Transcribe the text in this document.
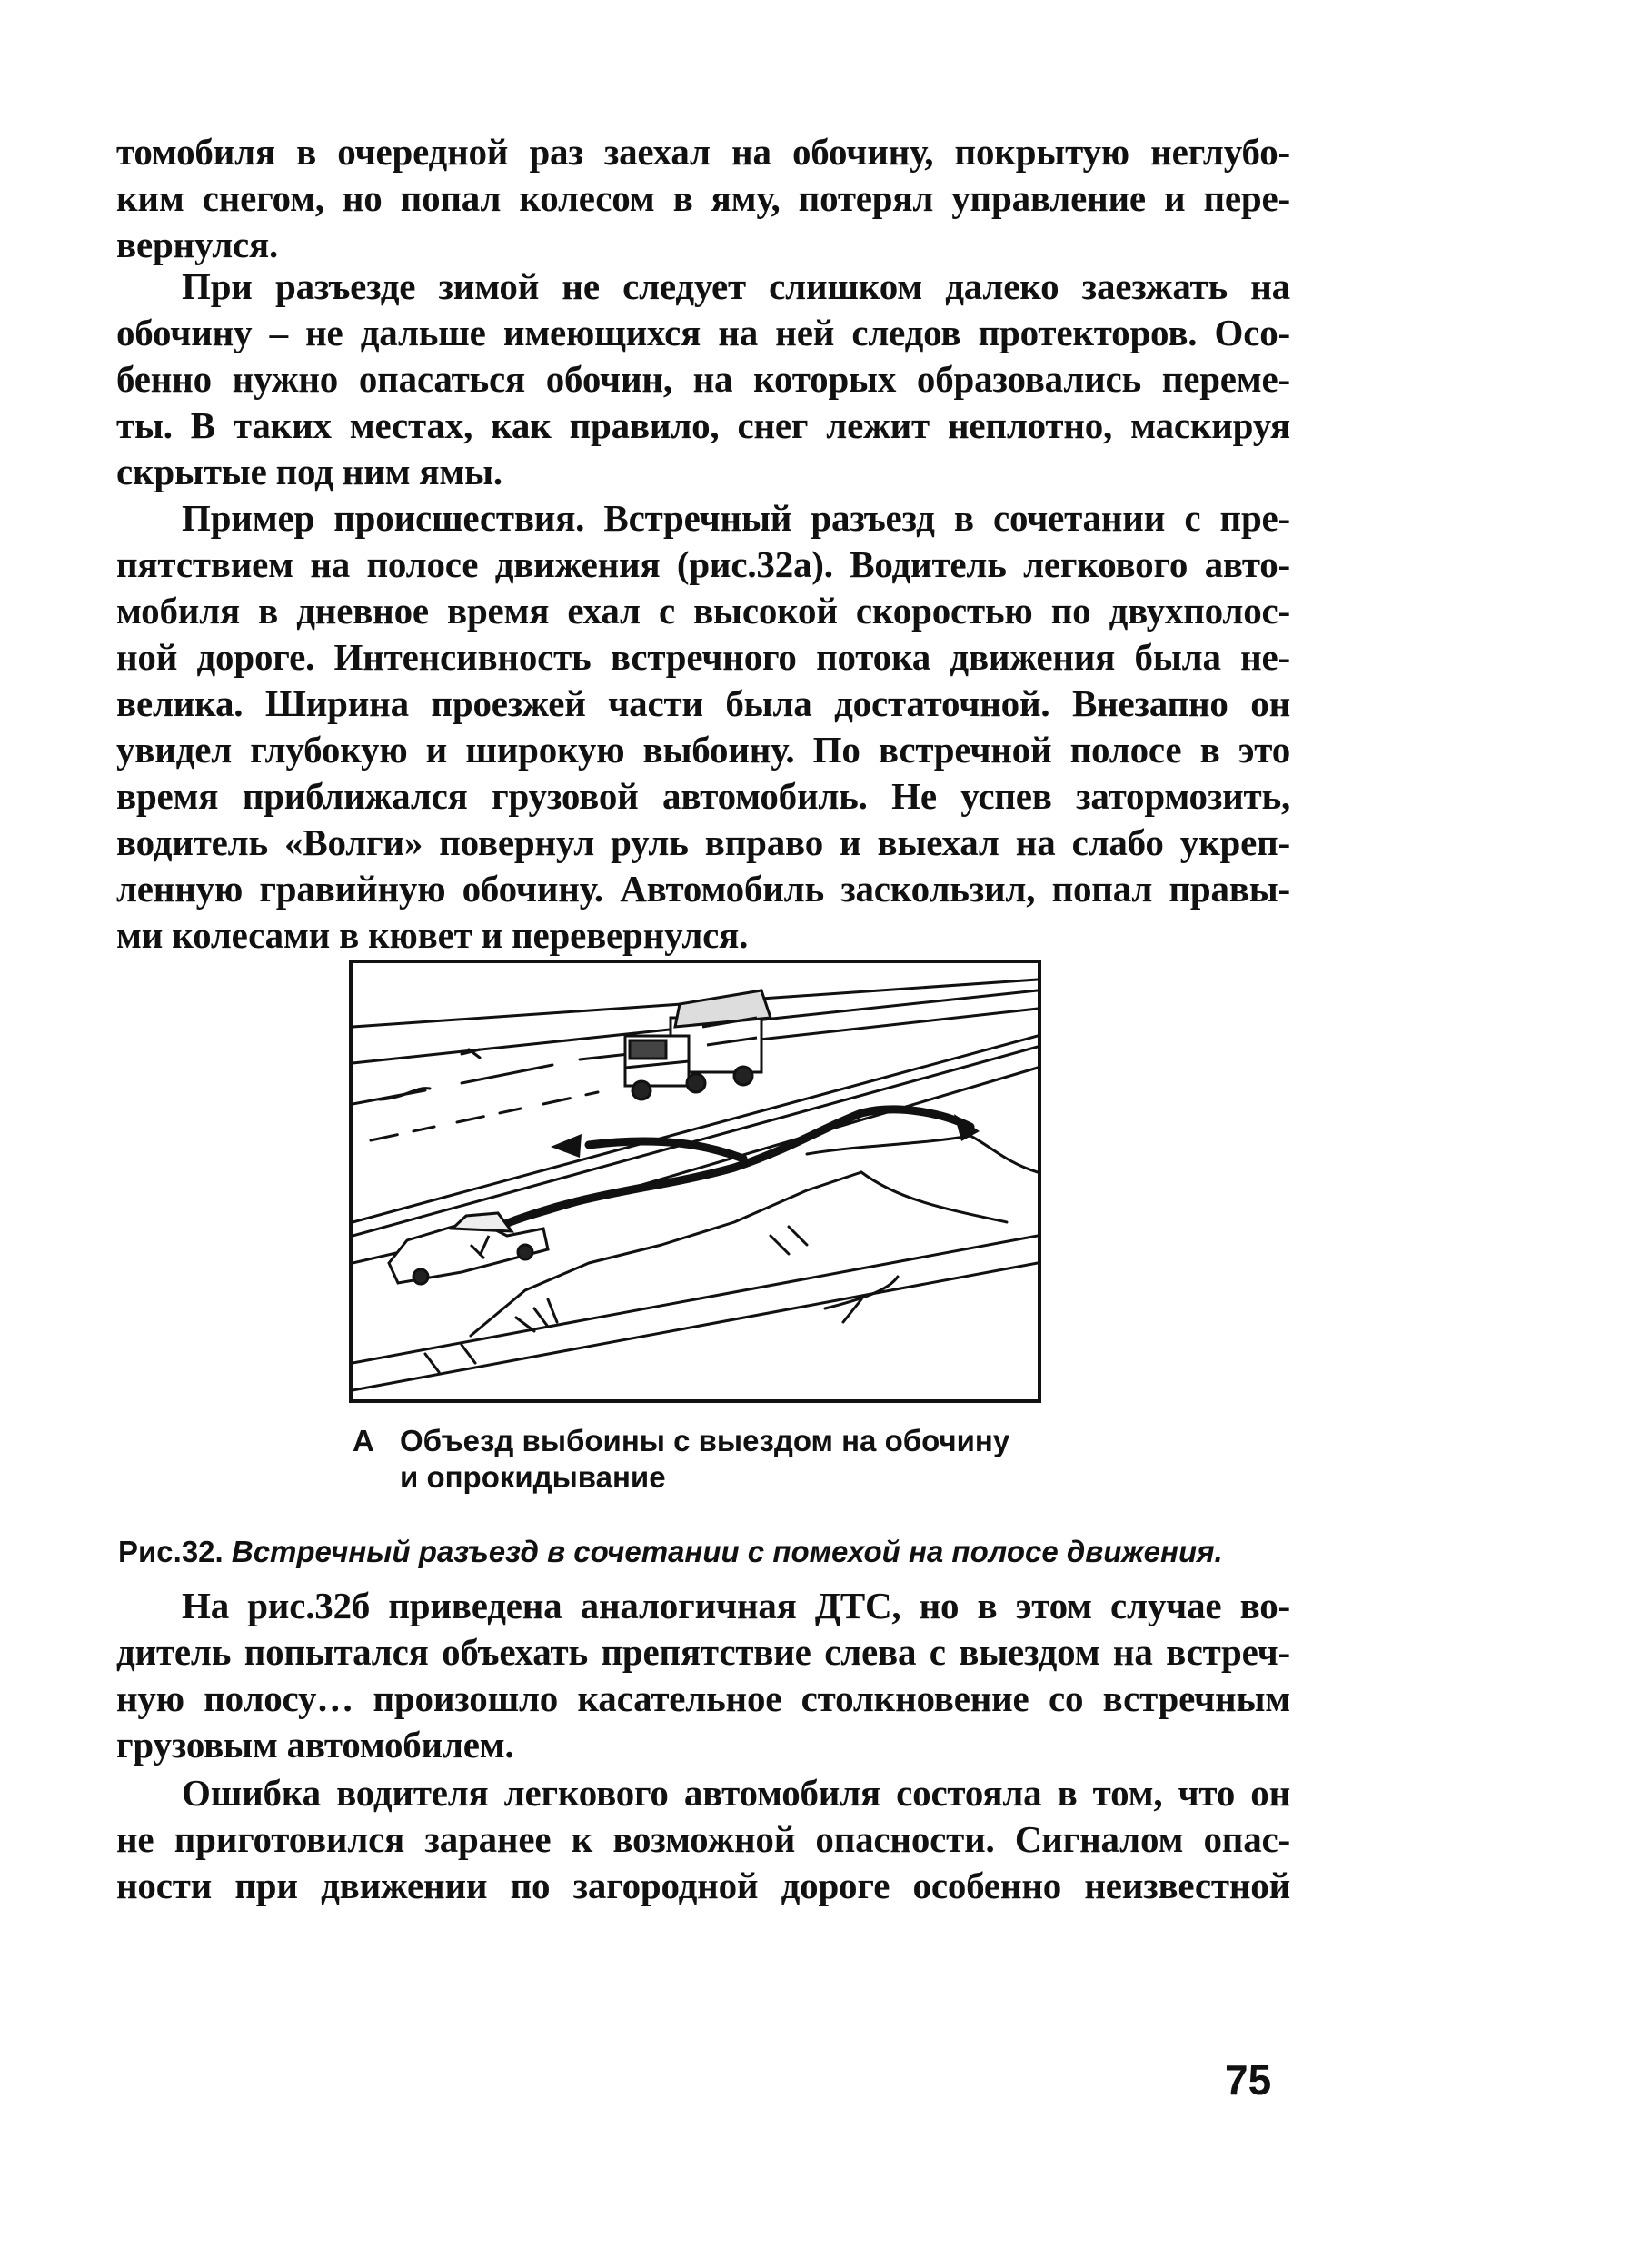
томобиля в очередной раз заехал на обочину, покрытую неглубо-

ким снегом, но попал колесом в яму, потерял управление и пере-

вернулся.

При разъезде зимой не следует слишком далеко заезжать на

обочину – не дальше имеющихся на ней следов протекторов. Осо-

бенно нужно опасаться обочин, на которых образовались переме-

ты. В таких местах, как правило, снег лежит неплотно, маскируя

скрытые под ним ямы.

Пример происшествия. Встречный разъезд в сочетании с пре-

пятствием на полосе движения (рис.32а). Водитель легкового авто-

мобиля в дневное время ехал с высокой скоростью по двухполос-

ной дороге. Интенсивность встречного потока движения была не-

велика. Ширина проезжей части была достаточной. Внезапно он

увидел глубокую и широкую выбоину. По встречной полосе в это

время приближался грузовой автомобиль. Не успев затормозить,

водитель «Волги» повернул руль вправо и выехал на слабо укреп-

ленную гравийную обочину. Автомобиль заскользил, попал правы-

ми колесами в кювет и перевернулся.

А Объезд выбоины с выездом на обочину
и опрокидывание
Рис.32. Встречный разъезд в сочетании с помехой на полосе движения.

На рис.32б приведена аналогичная ДТС, но в этом случае во-

дитель попытался объехать препятствие слева с выездом на встреч-

ную полосу… произошло касательное столкновение со встречным

грузовым автомобилем.

Ошибка водителя легкового автомобиля состояла в том, что он

не приготовился заранее к возможной опасности. Сигналом опас-

ности при движении по загородной дороге особенно неизвестной

75
